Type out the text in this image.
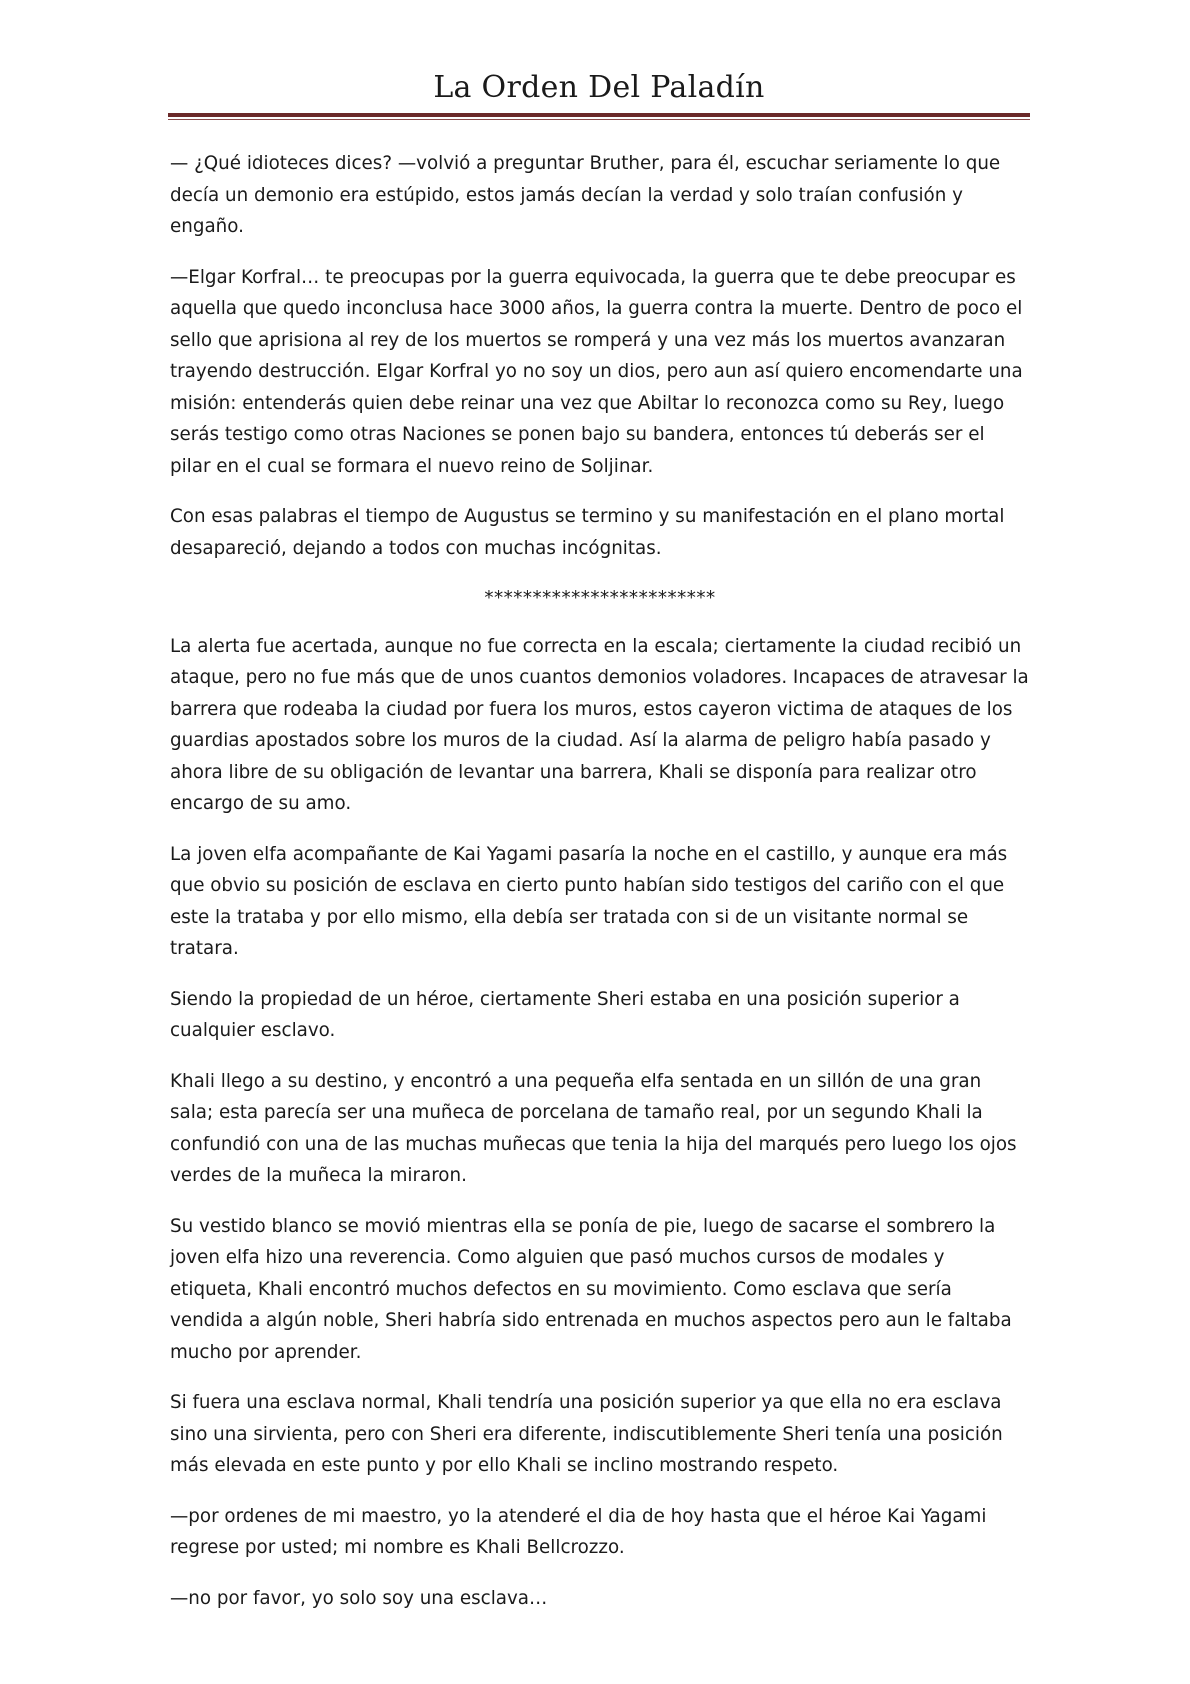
La Orden Del Paladín

— ¿Qué idioteces dices? —volvió a preguntar Bruther, para él, escuchar seriamente lo que decía un demonio era estúpido, estos jamás decían la verdad y solo traían confusión y engaño.

—Elgar Korfral… te preocupas por la guerra equivocada, la guerra que te debe preocupar es aquella que quedo inconclusa hace 3000 años, la guerra contra la muerte. Dentro de poco el sello que aprisiona al rey de los muertos se romperá y una vez más los muertos avanzaran trayendo destrucción. Elgar Korfral yo no soy un dios, pero aun así quiero encomendarte una misión: entenderás quien debe reinar una vez que Abiltar lo reconozca como su Rey, luego serás testigo como otras Naciones se ponen bajo su bandera, entonces tú deberás ser el pilar en el cual se formara el nuevo reino de Soljinar.

Con esas palabras el tiempo de Augustus se termino y su manifestación en el plano mortal desapareció, dejando a todos con muchas incógnitas.

************************

La alerta fue acertada, aunque no fue correcta en la escala; ciertamente la ciudad recibió un ataque, pero no fue más que de unos cuantos demonios voladores. Incapaces de atravesar la barrera que rodeaba la ciudad por fuera los muros, estos cayeron victima de ataques de los guardias apostados sobre los muros de la ciudad. Así la alarma de peligro había pasado y ahora libre de su obligación de levantar una barrera, Khali se disponía para realizar otro encargo de su amo.

La joven elfa acompañante de Kai Yagami pasaría la noche en el castillo, y aunque era más que obvio su posición de esclava en cierto punto habían sido testigos del cariño con el que este la trataba y por ello mismo, ella debía ser tratada con si de un visitante normal se tratara.

Siendo la propiedad de un héroe, ciertamente Sheri estaba en una posición superior a cualquier esclavo.

Khali llego a su destino, y encontró a una pequeña elfa sentada en un sillón de una gran sala; esta parecía ser una muñeca de porcelana de tamaño real, por un segundo Khali la confundió con una de las muchas muñecas que tenia la hija del marqués pero luego los ojos verdes de la muñeca la miraron.

Su vestido blanco se movió mientras ella se ponía de pie, luego de sacarse el sombrero la joven elfa hizo una reverencia. Como alguien que pasó muchos cursos de modales y etiqueta, Khali encontró muchos defectos en su movimiento. Como esclava que sería vendida a algún noble, Sheri habría sido entrenada en muchos aspectos pero aun le faltaba mucho por aprender.

Si fuera una esclava normal, Khali tendría una posición superior ya que ella no era esclava sino una sirvienta, pero con Sheri era diferente, indiscutiblemente Sheri tenía una posición más elevada en este punto y por ello Khali se inclino mostrando respeto.

—por ordenes de mi maestro, yo la atenderé el dia de hoy hasta que el héroe Kai Yagami regrese por usted; mi nombre es Khali Bellcrozzo.

—no por favor, yo solo soy una esclava…
